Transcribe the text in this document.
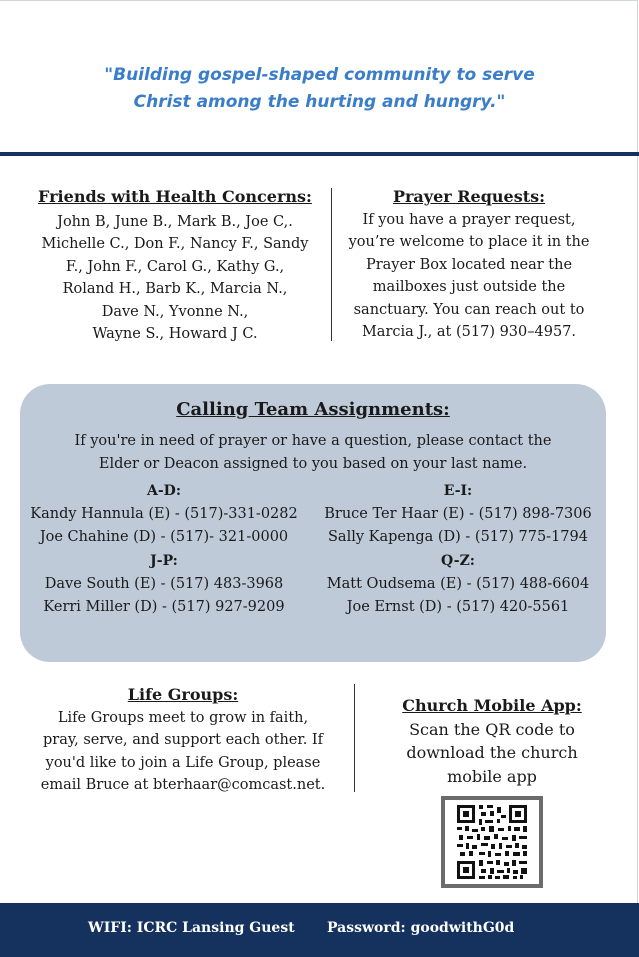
"Building gospel-shaped community to serve
Christ among the hurting and hungry."
Friends with Health Concerns:
John B, June B., Mark B., Joe C,.
Michelle C., Don F., Nancy F., Sandy
F., John F., Carol G., Kathy G.,
Roland H., Barb K., Marcia N.,
Dave N., Yvonne N.,
Wayne S., Howard J C.
Prayer Requests:
If you have a prayer request,
you’re welcome to place it in the
Prayer Box located near the
mailboxes just outside the
sanctuary. You can reach out to
Marcia J., at (517) 930–4957.
Calling Team Assignments:
If you're in need of prayer or have a question, please contact the
Elder or Deacon assigned to you based on your last name.
A-D:
Kandy Hannula (E) - (517)-331-0282
Joe Chahine (D) - (517)- 321-0000
E-I:
Bruce Ter Haar (E) - (517) 898-7306
Sally Kapenga (D) - (517) 775-1794
J-P:
Dave South (E) - (517) 483-3968
Kerri Miller (D) - (517) 927-9209
Q-Z:
Matt Oudsema (E) - (517) 488-6604
Joe Ernst (D) - (517) 420-5561
Life Groups:
Life Groups meet to grow in faith,
pray, serve, and support each other. If
you'd like to join a Life Group, please
email Bruce at bterhaar@comcast.net.
Church Mobile App:
Scan the QR code to
download the church
mobile app
WIFI: ICRC Lansing Guest Password: goodwithG0d
